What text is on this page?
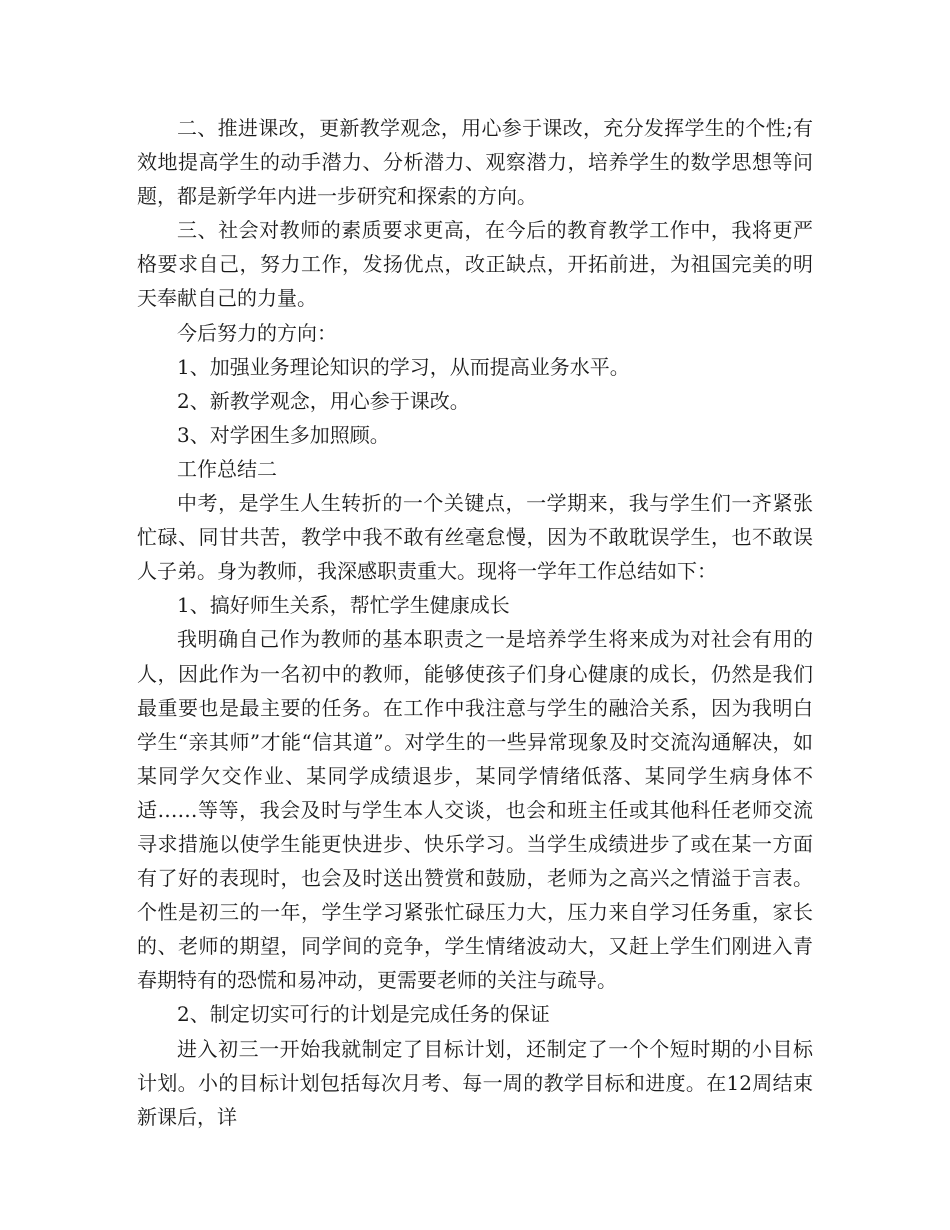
二、推进课改，更新教学观念，用心参于课改，充分发挥学生的个性;有效地提高学生的动手潜力、分析潜力、观察潜力，培养学生的数学思想等问题，都是新学年内进一步研究和探索的方向。

三、社会对教师的素质要求更高，在今后的教育教学工作中，我将更严格要求自己，努力工作，发扬优点，改正缺点，开拓前进，为祖国完美的明天奉献自己的力量。

今后努力的方向：

1、加强业务理论知识的学习，从而提高业务水平。

2、新教学观念，用心参于课改。

3、对学困生多加照顾。

工作总结二

中考，是学生人生转折的一个关键点，一学期来，我与学生们一齐紧张忙碌、同甘共苦，教学中我不敢有丝毫怠慢，因为不敢耽误学生，也不敢误人子弟。身为教师，我深感职责重大。现将一学年工作总结如下：

1、搞好师生关系，帮忙学生健康成长

我明确自己作为教师的基本职责之一是培养学生将来成为对社会有用的人，因此作为一名初中的教师，能够使孩子们身心健康的成长，仍然是我们最重要也是最主要的任务。在工作中我注意与学生的融洽关系，因为我明白学生“亲其师”才能“信其道”。对学生的一些异常现象及时交流沟通解决，如某同学欠交作业、某同学成绩退步，某同学情绪低落、某同学生病身体不适……等等，我会及时与学生本人交谈，也会和班主任或其他科任老师交流寻求措施以使学生能更快进步、快乐学习。当学生成绩进步了或在某一方面有了好的表现时，也会及时送出赞赏和鼓励，老师为之高兴之情溢于言表。个性是初三的一年，学生学习紧张忙碌压力大，压力来自学习任务重，家长的、老师的期望，同学间的竞争，学生情绪波动大，又赶上学生们刚进入青春期特有的恐慌和易冲动，更需要老师的关注与疏导。

2、制定切实可行的计划是完成任务的保证

进入初三一开始我就制定了目标计划，还制定了一个个短时期的小目标计划。小的目标计划包括每次月考、每一周的教学目标和进度。在12周结束新课后，详
